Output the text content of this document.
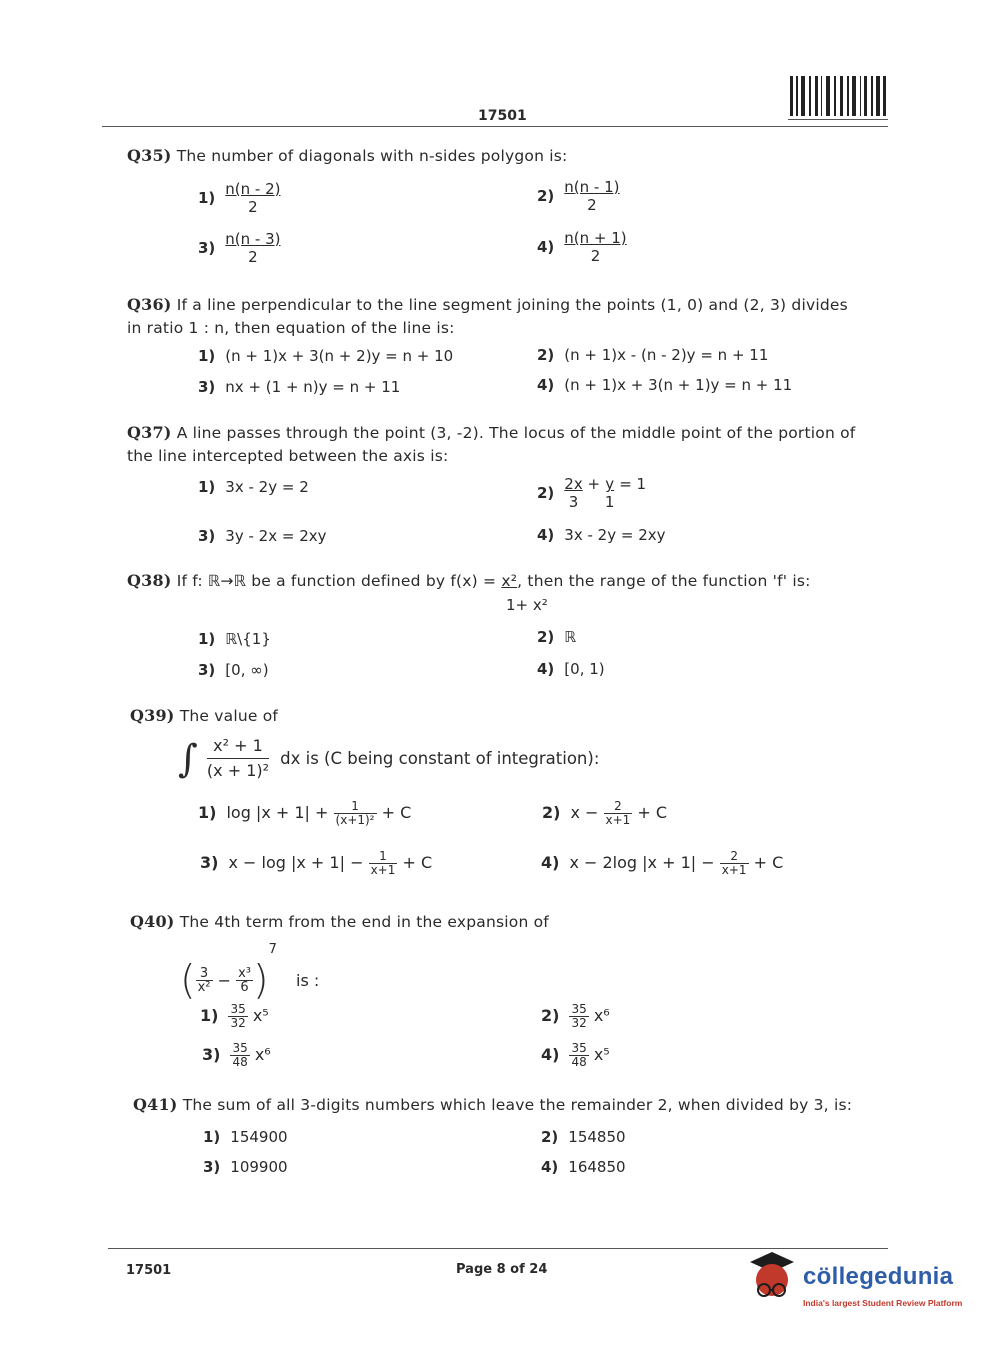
17501
Q35) The number of diagonals with n-sides polygon is:
$1) \frac{n(n - 2)}{2}$	$2) \frac{n(n - 1)}{2}$
$3) \frac{n(n - 3)}{2}$	$4) \frac{n(n + 1)}{2}$
Q36) If a line perpendicular to the line segment joining the points (1, 0) and (2, 3) divides
in ratio 1 : n, then equation of the line is:
1) (n + 1)x + 3(n + 2)y = n + 10	2) (n + 1)x - (n - 2)y = n + 11
3) nx + (1 + n)y = n + 11	4) (n + 1)x + 3(n + 1)y = n + 11
Q37) A line passes through the point (3, -2). The locus of the middle point of the portion of
the line intercepted between the axis is:
1) 3x - 2y = 2	$2) \frac{2x}{3} + \frac{y}{1} = 1$
3) 3y - 2x = 2xy	4) 3x - 2y = 2xy
Q38) If f: ℝ→ℝ be a function defined by f(x) = x², then the range of the function 'f' is:
1+ x²
1) ℝ\{1}	2) ℝ
3) [0, ∞)	4) [0, 1)
Q39) The value of
∫ $\frac{\text{x² + 1}}{\text{(x + 1)²}}$ dx is (C being constant of integration):
1) $\log |x + 1| + \frac{1}{\text{(x+1)²}} + C$	2) $x - \frac{2}{x+1} + C$
3) $x - \log |x + 1| - \frac{1}{x+1} + C$	4) x − 2log $|x + 1| - \frac{2}{x+1} + C$
Q40) The 4th term from the end in the expansion of
( $\frac{3}{\text{x²}} - \frac{\text{x³}}{6} )^7$ is :
$1) \frac{35}{32} x^5$	$2) \frac{35}{32} x^6$
$3) \frac{35}{48} x^6$	$4) \frac{35}{48} x^5$
Q41) The sum of all 3-digits numbers which leave the remainder 2, when divided by 3, is:
1) 154900	2) 154850
3) 109900	4) 164850
17501	Page 8 of 24	cöllegedunia
India's largest Student Review Platform
